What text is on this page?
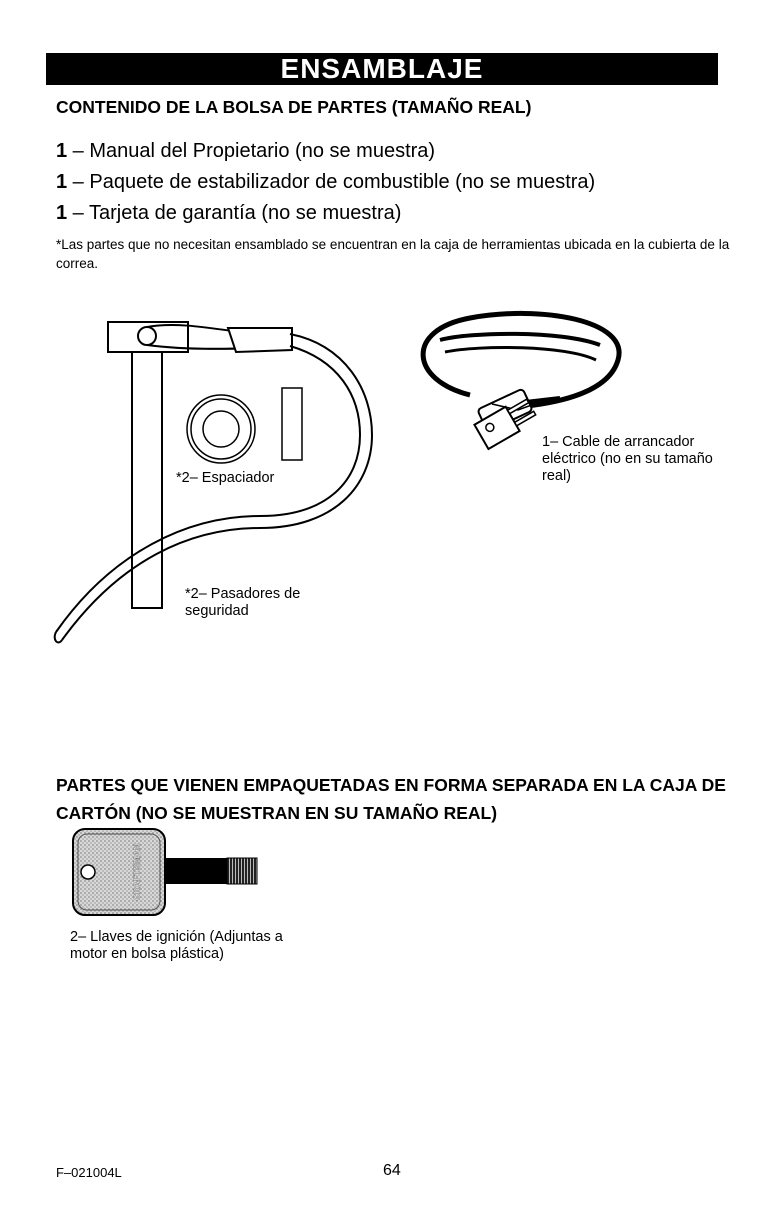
ENSAMBLAJE
CONTENIDO DE LA BOLSA DE PARTES (TAMAÑO REAL)
1 – Manual del Propietario (no se muestra)
1 – Paquete de estabilizador de combustible (no se muestra)
1 – Tarjeta de garantía (no se muestra)
*Las partes que no necesitan ensamblado se encuentran en la caja de herramientas ubicada en la cubierta de la correa.
CRAFTSMAN
*2– Espaciador
*2– Pasadores de seguridad
1– Cable de arrancador eléctrico (no en su tamaño real)
PARTES QUE VIENEN EMPAQUETADAS EN FORMA SEPARADA EN LA CAJA DE CARTÓN (NO SE MUESTRAN EN SU TAMAÑO REAL)
2– Llaves de ignición (Adjuntas a motor en bolsa plástica)
F–021004L	64
